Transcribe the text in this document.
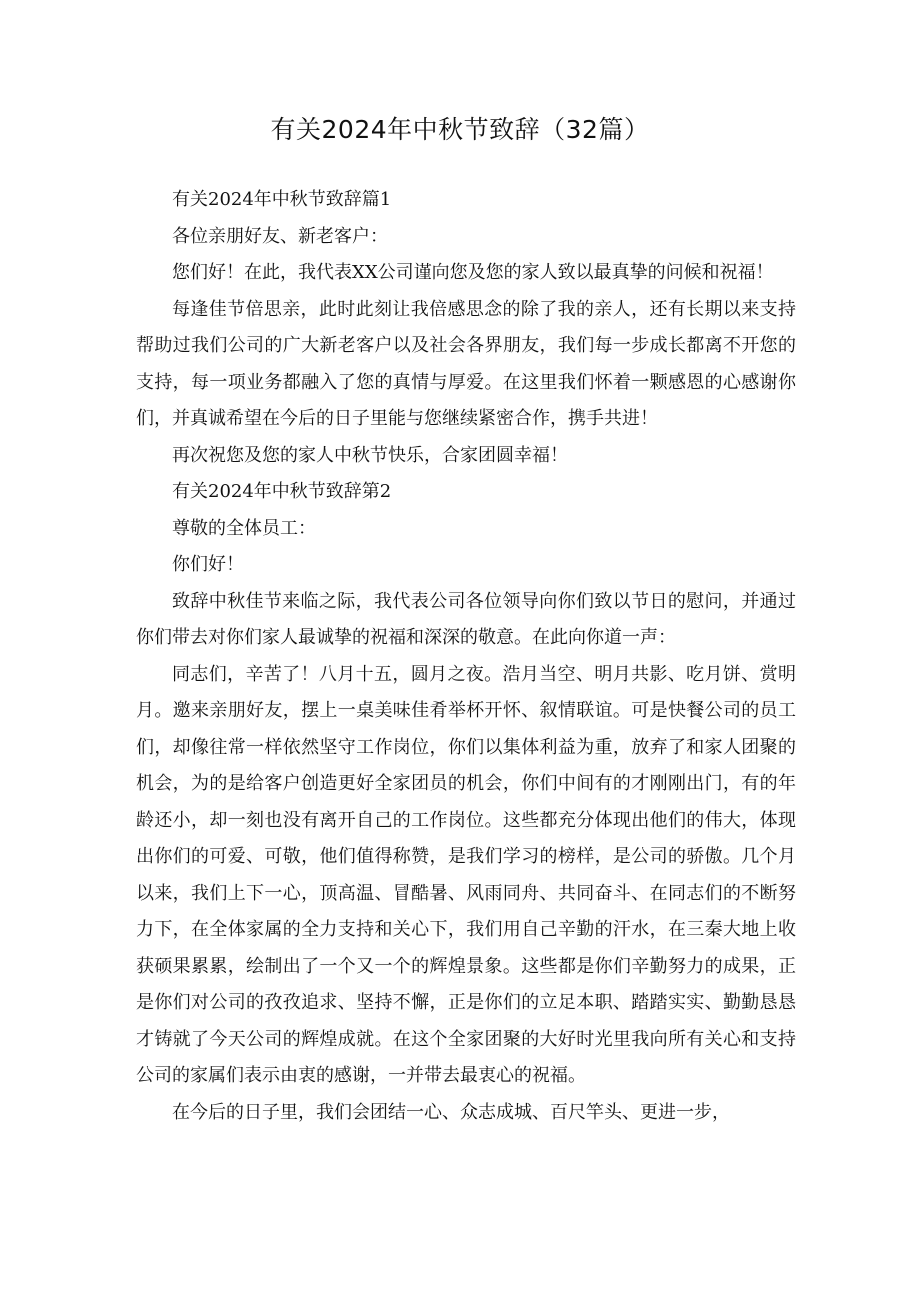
有关2024年中秋节致辞（32篇）

有关2024年中秋节致辞篇1

各位亲朋好友、新老客户：

您们好！在此，我代表XX公司谨向您及您的家人致以最真挚的问候和祝福！

每逢佳节倍思亲，此时此刻让我倍感思念的除了我的亲人，还有长期以来支持帮助过我们公司的广大新老客户以及社会各界朋友，我们每一步成长都离不开您的支持，每一项业务都融入了您的真情与厚爱。在这里我们怀着一颗感恩的心感谢你们，并真诚希望在今后的日子里能与您继续紧密合作，携手共进！

再次祝您及您的家人中秋节快乐，合家团圆幸福！

有关2024年中秋节致辞第2

尊敬的全体员工：

你们好！

致辞中秋佳节来临之际，我代表公司各位领导向你们致以节日的慰问，并通过你们带去对你们家人最诚挚的祝福和深深的敬意。在此向你道一声：

同志们，辛苦了！八月十五，圆月之夜。浩月当空、明月共影、吃月饼、赏明月。邀来亲朋好友，摆上一桌美味佳肴举杯开怀、叙情联谊。可是快餐公司的员工们，却像往常一样依然坚守工作岗位，你们以集体利益为重，放弃了和家人团聚的机会，为的是给客户创造更好全家团员的机会，你们中间有的才刚刚出门，有的年龄还小，却一刻也没有离开自己的工作岗位。这些都充分体现出他们的伟大，体现出你们的可爱、可敬，他们值得称赞，是我们学习的榜样，是公司的骄傲。几个月以来，我们上下一心，顶高温、冒酷暑、风雨同舟、共同奋斗、在同志们的不断努力下，在全体家属的全力支持和关心下，我们用自己辛勤的汗水，在三秦大地上收获硕果累累，绘制出了一个又一个的辉煌景象。这些都是你们辛勤努力的成果，正是你们对公司的孜孜追求、坚持不懈，正是你们的立足本职、踏踏实实、勤勤恳恳才铸就了今天公司的辉煌成就。在这个全家团聚的大好时光里我向所有关心和支持公司的家属们表示由衷的感谢，一并带去最衷心的祝福。

在今后的日子里，我们会团结一心、众志成城、百尺竿头、更进一步，
